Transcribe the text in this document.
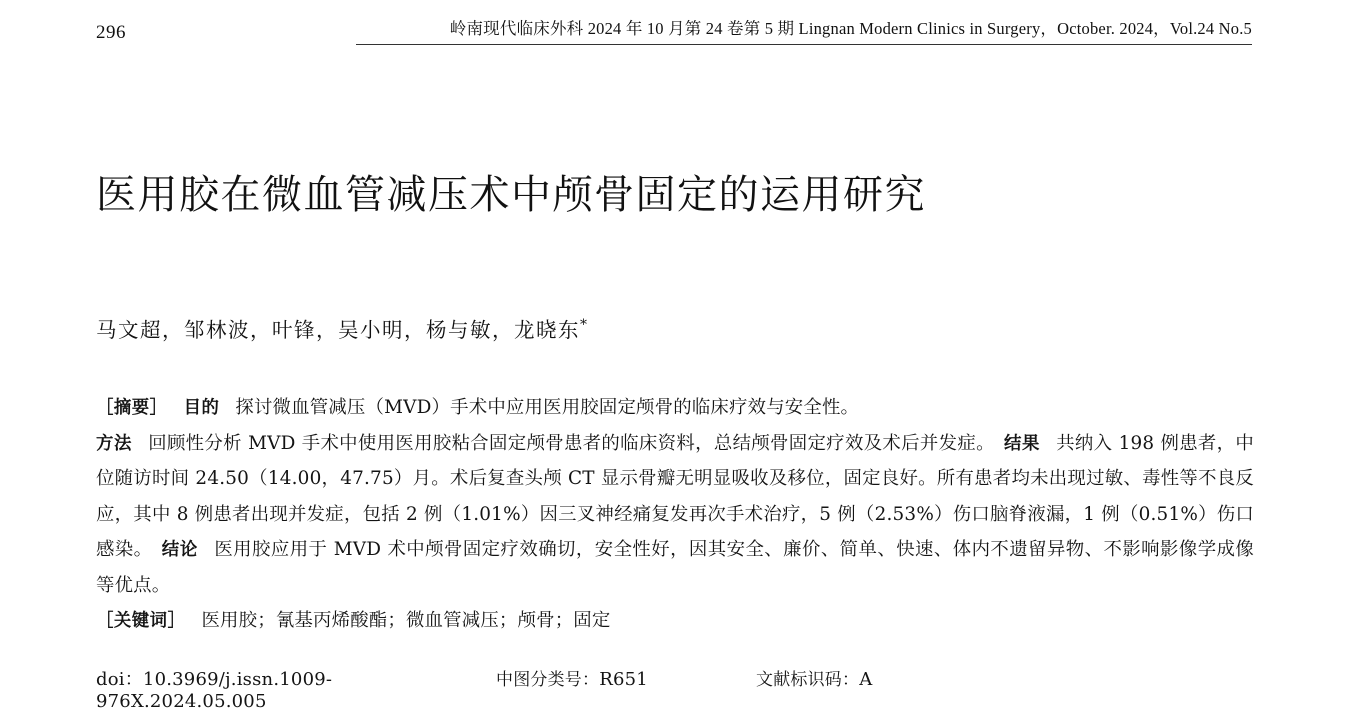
296	岭南现代临床外科 2024 年 10 月第 24 卷第 5 期 Lingnan Modern Clinics in Surgery，October. 2024，Vol.24 No.5
医用胶在微血管减压术中颅骨固定的运用研究
马文超，邹林波，叶锋，吴小明，杨与敏，龙晓东*

［摘要］ 目的 探讨微血管减压（MVD）手术中应用医用胶固定颅骨的临床疗效与安全性。
方法 回顾性分析 MVD 手术中使用医用胶粘合固定颅骨患者的临床资料，总结颅骨固定疗效及术后并发症。 结果 共纳入 198 例患者，中位随访时间 24.50（14.00，47.75）月。术后复查头颅 CT 显示骨瓣无明显吸收及移位，固定良好。所有患者均未出现过敏、毒性等不良反应，其中 8 例患者出现并发症，包括 2 例（1.01%）因三叉神经痛复发再次手术治疗，5 例（2.53%）伤口脑脊液漏，1 例（0.51%）伤口感染。 结论 医用胶应用于 MVD 术中颅骨固定疗效确切，安全性好，因其安全、廉价、简单、快速、体内不遗留异物、不影响影像学成像等优点。

［关键词］ 医用胶；氰基丙烯酸酯；微血管减压；颅骨；固定

doi：10.3969/j.issn.1009-976X.2024.05.005
中图分类号：R651	文献标识码：A
